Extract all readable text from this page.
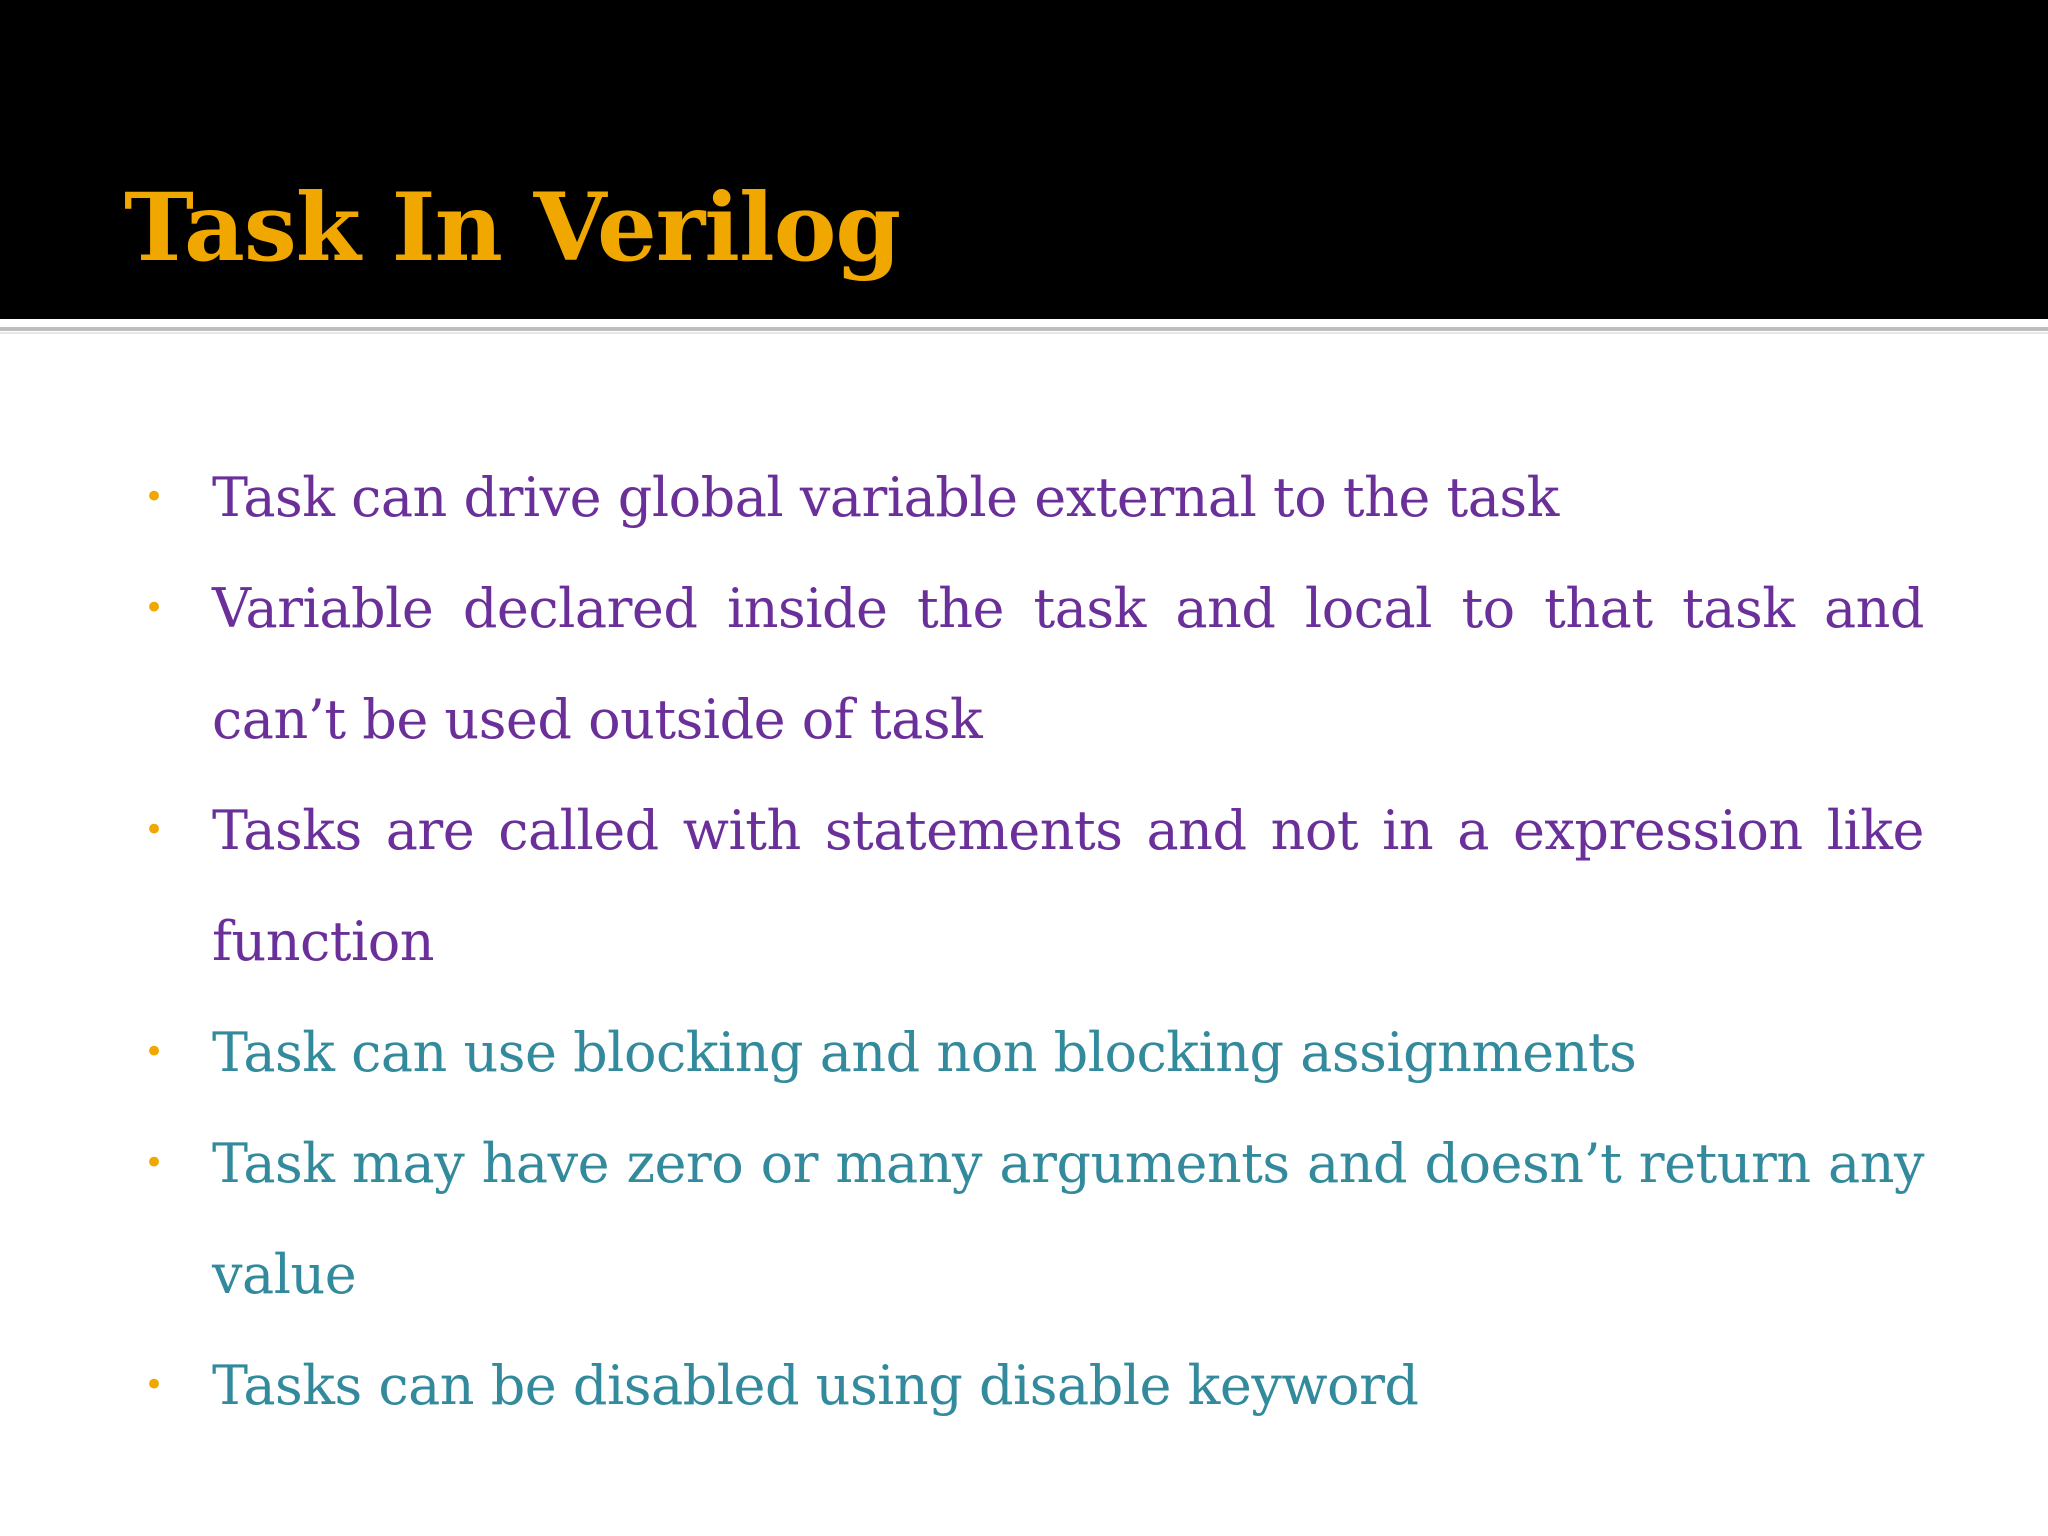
Task In Verilog
• Task can drive global variable external to the task
• Variable declared inside the task and local to that task and can’t be used outside of task
• Tasks are called with statements and not in a expression like function
• Task can use blocking and non blocking assignments
• Task may have zero or many arguments and doesn’t return any value
• Tasks can be disabled using disable keyword
